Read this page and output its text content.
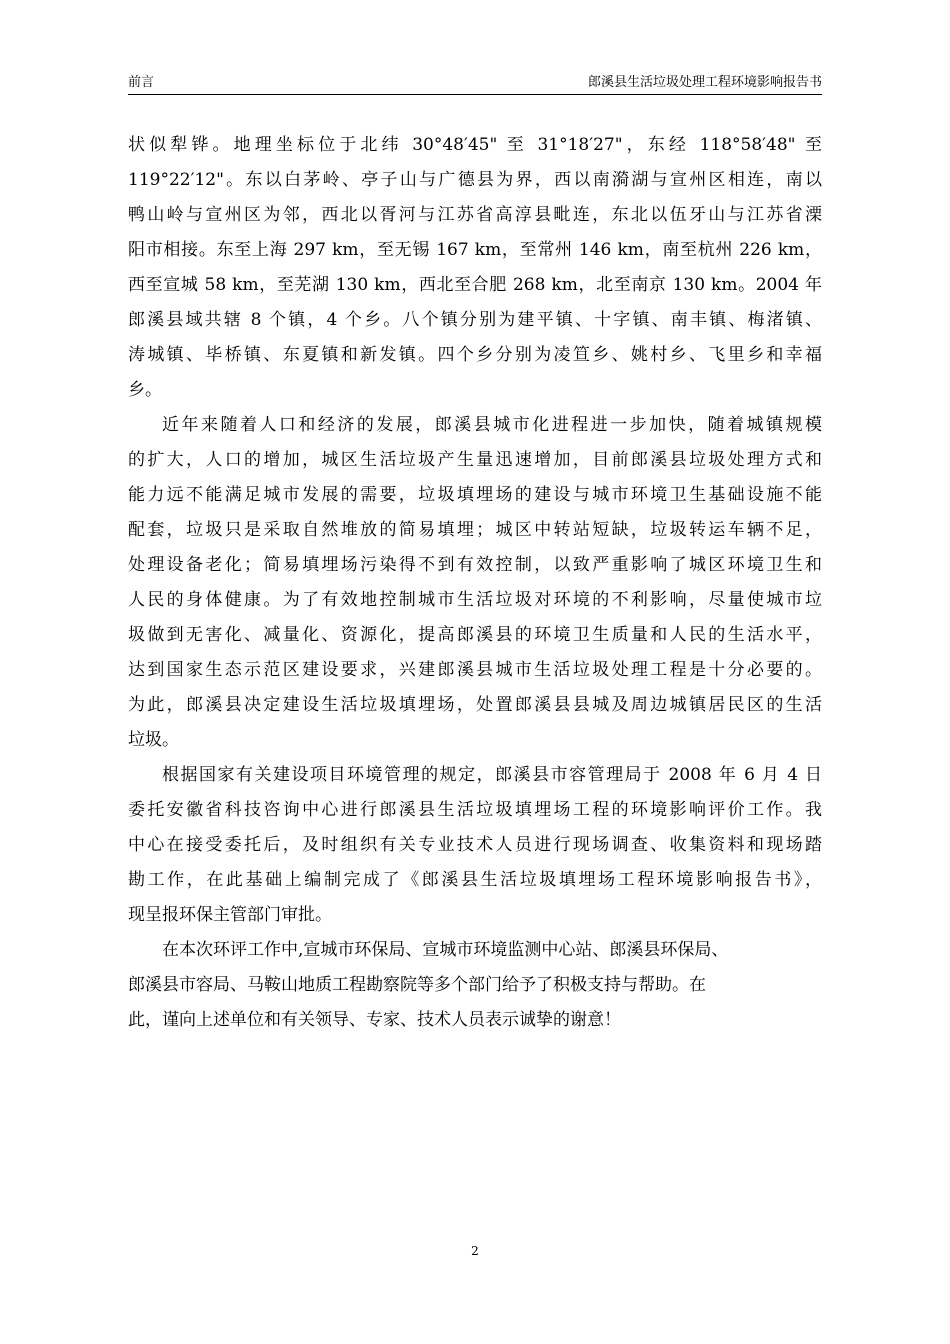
前言	郎溪县生活垃圾处理工程环境影响报告书
状似犁铧。地理坐标位于北纬 30°48′45" 至 31°18′27"，东经 118°58′48" 至
119°22′12"。东以白茅岭、亭子山与广德县为界，西以南漪湖与宣州区相连，南以
鸭山岭与宣州区为邻，西北以胥河与江苏省高淳县毗连，东北以伍牙山与江苏省溧
阳市相接。东至上海 297 km，至无锡 167 km，至常州 146 km，南至杭州 226 km，
西至宣城 58 km，至芜湖 130 km，西北至合肥 268 km，北至南京 130 km。2004 年
郎溪县域共辖 8 个镇，4 个乡。八个镇分别为建平镇、十字镇、南丰镇、梅渚镇、
涛城镇、毕桥镇、东夏镇和新发镇。四个乡分别为凌笪乡、姚村乡、飞里乡和幸福
乡。
近年来随着人口和经济的发展，郎溪县城市化进程进一步加快，随着城镇规模
的扩大，人口的增加，城区生活垃圾产生量迅速增加，目前郎溪县垃圾处理方式和
能力远不能满足城市发展的需要，垃圾填埋场的建设与城市环境卫生基础设施不能
配套，垃圾只是采取自然堆放的简易填埋；城区中转站短缺，垃圾转运车辆不足，
处理设备老化；简易填埋场污染得不到有效控制，以致严重影响了城区环境卫生和
人民的身体健康。为了有效地控制城市生活垃圾对环境的不利影响，尽量使城市垃
圾做到无害化、减量化、资源化，提高郎溪县的环境卫生质量和人民的生活水平，
达到国家生态示范区建设要求，兴建郎溪县城市生活垃圾处理工程是十分必要的。
为此，郎溪县决定建设生活垃圾填埋场，处置郎溪县县城及周边城镇居民区的生活
垃圾。
根据国家有关建设项目环境管理的规定，郎溪县市容管理局于 2008 年 6 月 4 日
委托安徽省科技咨询中心进行郎溪县生活垃圾填埋场工程的环境影响评价工作。我
中心在接受委托后，及时组织有关专业技术人员进行现场调查、收集资料和现场踏
勘工作，在此基础上编制完成了《郎溪县生活垃圾填埋场工程环境影响报告书》，
现呈报环保主管部门审批。
在本次环评工作中,宣城市环保局、宣城市环境监测中心站、郎溪县环保局、
郎溪县市容局、马鞍山地质工程勘察院等多个部门给予了积极支持与帮助。在
此，谨向上述单位和有关领导、专家、技术人员表示诚挚的谢意！
2
